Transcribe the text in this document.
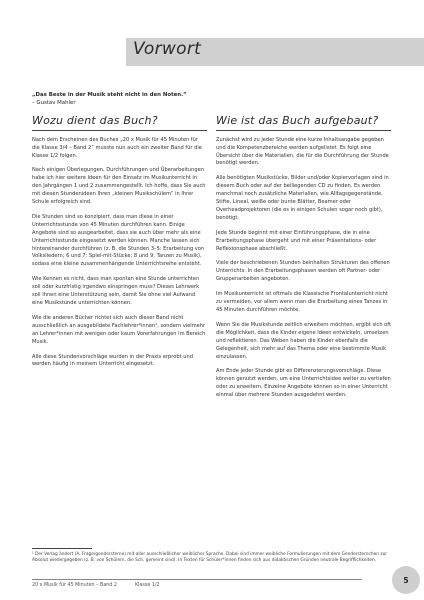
Vorwort
„Das Beste in der Musik steht nicht in den Noten.“
– Gustav Mahler
Wozu dient das Buch?

Nach dem Erscheinen des Buches „20 x Musik für 45 Minuten für die Klasse 3/4 – Band 2“ musste nun auch ein zweiter Band für die Klasse 1/2 folgen.

Nach einigen Überlegungen, Durchführungen und Überarbeitungen habe ich hier weitere Ideen für den Einsatz im Musikunterricht in den Jahrgängen 1 und 2 zusammengestellt. Ich hoffe, dass Sie auch mit diesen Stundenideen Ihren „kleinen Musikschülern“ in Ihrer Schule erfolgreich sind.

Die Stunden sind so konzipiert, dass man diese in einer Unterrichtsstunde von 45 Minuten durchführen kann. Einige Angebote sind so ausgearbeitet, dass sie auch über mehr als eine Unterrichtsstunde eingesetzt werden können. Manche lassen sich hintereinander durchführen (z. B. die Stunden 3–5: Erarbeitung von Volksliedern; 6 und 7: Spiel-mit-Stücke; 8 und 9: Tanzen zu Musik), sodass eine kleine zusammenhängende Unterrichtsreihe entsteht.

Wie Kennen es nicht, dass man spontan eine Stunde unterrichten soll oder kurzfristig irgendwo einspringen muss? Dieses Lehrwerk soll Ihnen eine Unterstützung sein, damit Sie ohne viel Aufwand eine Musikstunde unterrichten können.

Wie die anderen Bücher richtet sich auch dieser Band nicht ausschließlich an ausgebildete Fachlehrer*innen¹, sondern vielmehr an Lehrer*innen mit wenigen oder kaum Vorerfahrungen im Bereich Musik.

Alle diese Stundenvorschläge wurden in der Praxis erprobt und werden häufig in meinem Unterricht eingesetzt.

Wie ist das Buch aufgebaut?

Zunächst wird zu jeder Stunde eine kurze Inhaltsangabe gegeben und die Kompetenzbereiche werden aufgelistet. Es folgt eine Übersicht über die Materialien, die für die Durchführung der Stunde benötigt werden.

Alle benötigten Musikstücke, Bilder und/oder Kopiervorlagen sind in diesem Buch oder auf der beiliegenden CD zu finden. Es werden manchmal noch zusätzliche Materialien, wie Alltagsgegenstände, Stifte, Lineal, weiße oder bunte Blätter, Beamer oder Overheadprojektoren (die es in einigen Schulen sogar noch gibt), benötigt.

Jede Stunde beginnt mit einer Einführungsphase, die in eine Erarbeitungsphase übergeht und mit einer Präsentations- oder Reflexionsphase abschließt.

Viele der beschriebenen Stunden beinhalten Strukturen des offenen Unterrichts: In den Erarbeitungsphasen werden oft Partner- oder Gruppenarbeiten angeboten.

Im Musikunterricht ist oftmals die Klassische Frontalunterricht nicht zu vermeiden, vor allem wenn man die Erarbeitung eines Tanzes in 45 Minuten durchführen möchte.

Wenn Sie die Musikstunde zeitlich erweitern möchten, ergibt sich oft die Möglichkeit, dass die Kinder eigene Ideen entwickeln, umsetzen und reflektieren. Das Weben haben die Kinder ebenfalls die Gelegenheit, sich mehr auf das Thema oder eine bestimmte Musik einzulassen.

Am Ende jeder Stunde gibt es Differenzierungsvorschläge. Diese können genutzt werden, um eine Unterrichtsidee weiter zu vertiefen oder zu erweitern. Einzelne Angebote können so in einer Unterricht einmal über mehrere Stunden ausgedehnt werden.

¹ Der Verlag ändert (A, Frage/gendersterne) mit aller ausschließlicher weiblicher Sprache. Dabei sind immer weibliche Formulierungen mit dem Gendersternchen zur Absolut wiedergegeben (z. B. von Schülern, die Sch. gemeint sind). In Texten für Schüler*innen finden sich aus didaktischen Gründen neutrale Begrifflichkeiten.
20 x Musik für 45 Minuten – Band 2	Klasse 1/2
5
